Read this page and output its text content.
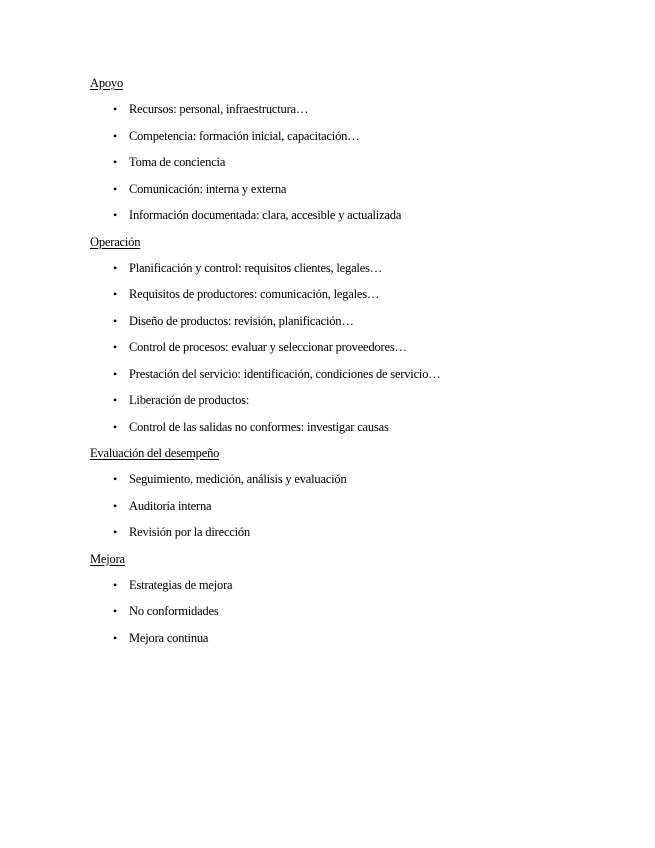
Apoyo
• Recursos: personal, infraestructura…
• Competencia: formación inicial, capacitación…
• Toma de conciencia
• Comunicación: interna y externa
• Información documentada: clara, accesible y actualizada
Operación
• Planificación y control: requisitos clientes, legales…
• Requisitos de productores: comunicación, legales…
• Diseño de productos: revisión, planificación…
• Control de procesos: evaluar y seleccionar proveedores…
• Prestación del servicio: identificación, condiciones de servicio…
• Liberación de productos:
• Control de las salidas no conformes: investigar causas
Evaluación del desempeño
• Seguimiento, medición, análisis y evaluación
• Auditoría interna
• Revisión por la dirección
Mejora
• Estrategias de mejora
• No conformidades
• Mejora continua
